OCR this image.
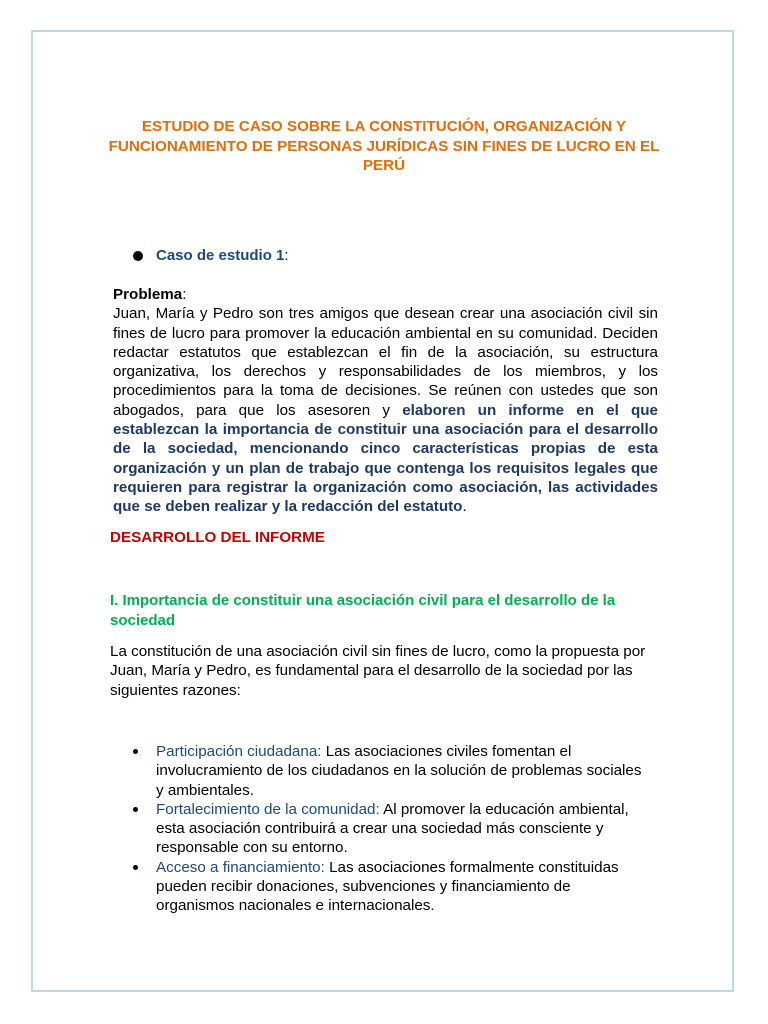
ESTUDIO DE CASO SOBRE LA CONSTITUCIÓN, ORGANIZACIÓN Y FUNCIONAMIENTO DE PERSONAS JURÍDICAS SIN FINES DE LUCRO EN EL PERÚ
Caso de estudio 1:
Problema:
Juan, María y Pedro son tres amigos que desean crear una asociación civil sin fines de lucro para promover la educación ambiental en su comunidad. Deciden redactar estatutos que establezcan el fin de la asociación, su estructura organizativa, los derechos y responsabilidades de los miembros, y los procedimientos para la toma de decisiones. Se reúnen con ustedes que son abogados, para que los asesoren y elaboren un informe en el que establezcan la importancia de constituir una asociación para el desarrollo de la sociedad, mencionando cinco características propias de esta organización y un plan de trabajo que contenga los requisitos legales que requieren para registrar la organización como asociación, las actividades que se deben realizar y la redacción del estatuto.
DESARROLLO DEL INFORME
I. Importancia de constituir una asociación civil para el desarrollo de la sociedad
La constitución de una asociación civil sin fines de lucro, como la propuesta por Juan, María y Pedro, es fundamental para el desarrollo de la sociedad por las siguientes razones:
Participación ciudadana: Las asociaciones civiles fomentan el involucramiento de los ciudadanos en la solución de problemas sociales y ambientales.
Fortalecimiento de la comunidad: Al promover la educación ambiental, esta asociación contribuirá a crear una sociedad más consciente y responsable con su entorno.
Acceso a financiamiento: Las asociaciones formalmente constituidas pueden recibir donaciones, subvenciones y financiamiento de organismos nacionales e internacionales.
